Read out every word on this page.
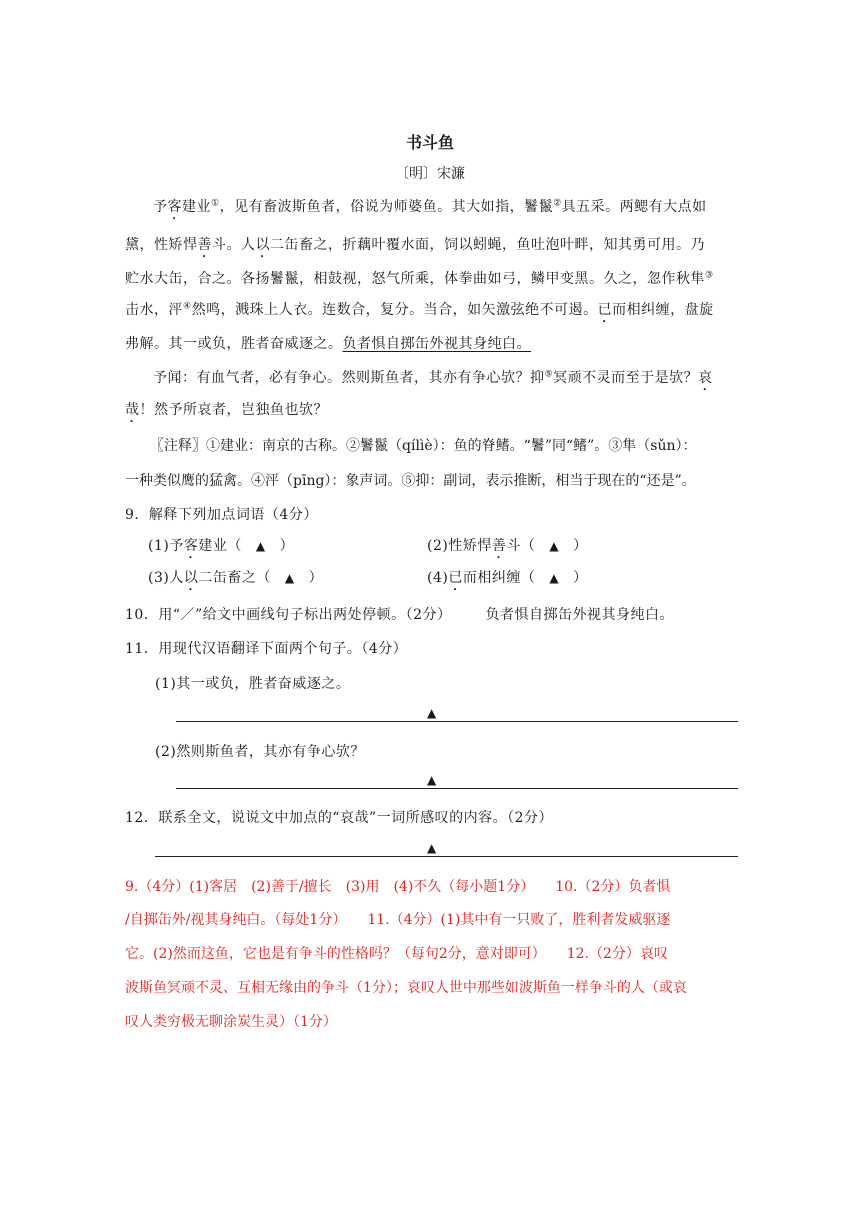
书斗鱼
〔明〕宋濂
予客建业①，见有畜波斯鱼者，俗说为师婆鱼。其大如指，鬐鬣②具五采。两鳃有大点如
黛，性矫悍善斗。人以二缶畜之，折藕叶覆水面，饲以蚓蝇，鱼吐泡叶畔，知其勇可用。乃
贮水大缶，合之。各扬鬐鬣，相鼓视，怒气所乘，体拳曲如弓，鳞甲变黑。久之，忽作秋隼③
击水，泙④然鸣，溅珠上人衣。连数合，复分。当合，如矢激弦绝不可遏。已而相纠缠，盘旋
弗解。其一或负，胜者奋威逐之。负者惧自掷缶外视其身纯白。
予闻：有血气者，必有争心。然则斯鱼者，其亦有争心欤？抑⑤冥顽不灵而至于是欤？哀
哉！然予所哀者，岂独鱼也欤？
〖注释〗①建业：南京的古称。②鬐鬣（qílìè）：鱼的脊鳍。“鬐”同“鳍”。③隼（sǔn）：
一种类似鹰的猛禽。④泙（pīng）：象声词。⑤抑：副词，表示推断，相当于现在的“还是”。
9．解释下列加点词语（4分）
(1)予客建业（ ▲ ）	(2)性矫悍善斗（ ▲ ）
(3)人以二缶畜之（ ▲ ）	(4)已而相纠缠（ ▲ ）
10．用“／”给文中画线句子标出两处停顿。（2分） 负者惧自掷缶外视其身纯白。
11．用现代汉语翻译下面两个句子。（4分）
(1)其一或负，胜者奋威逐之。
▲
(2)然则斯鱼者，其亦有争心欤？
▲
12．联系全文，说说文中加点的“哀哉”一词所感叹的内容。（2分）
▲
9.（4分）(1)客居　(2)善于/擅长　(3)用　(4)不久（每小题1分）　　10.（2分）负者惧
/自掷缶外/视其身纯白。（每处1分）　　11.（4分）(1)其中有一只败了，胜利者发威驱逐
它。(2)然而这鱼，它也是有争斗的性格吗？（每句2分，意对即可）　　12.（2分）哀叹
波斯鱼冥顽不灵、互相无缘由的争斗（1分）；哀叹人世中那些如波斯鱼一样争斗的人（或哀
叹人类穷极无聊涂炭生灵）（1分）
